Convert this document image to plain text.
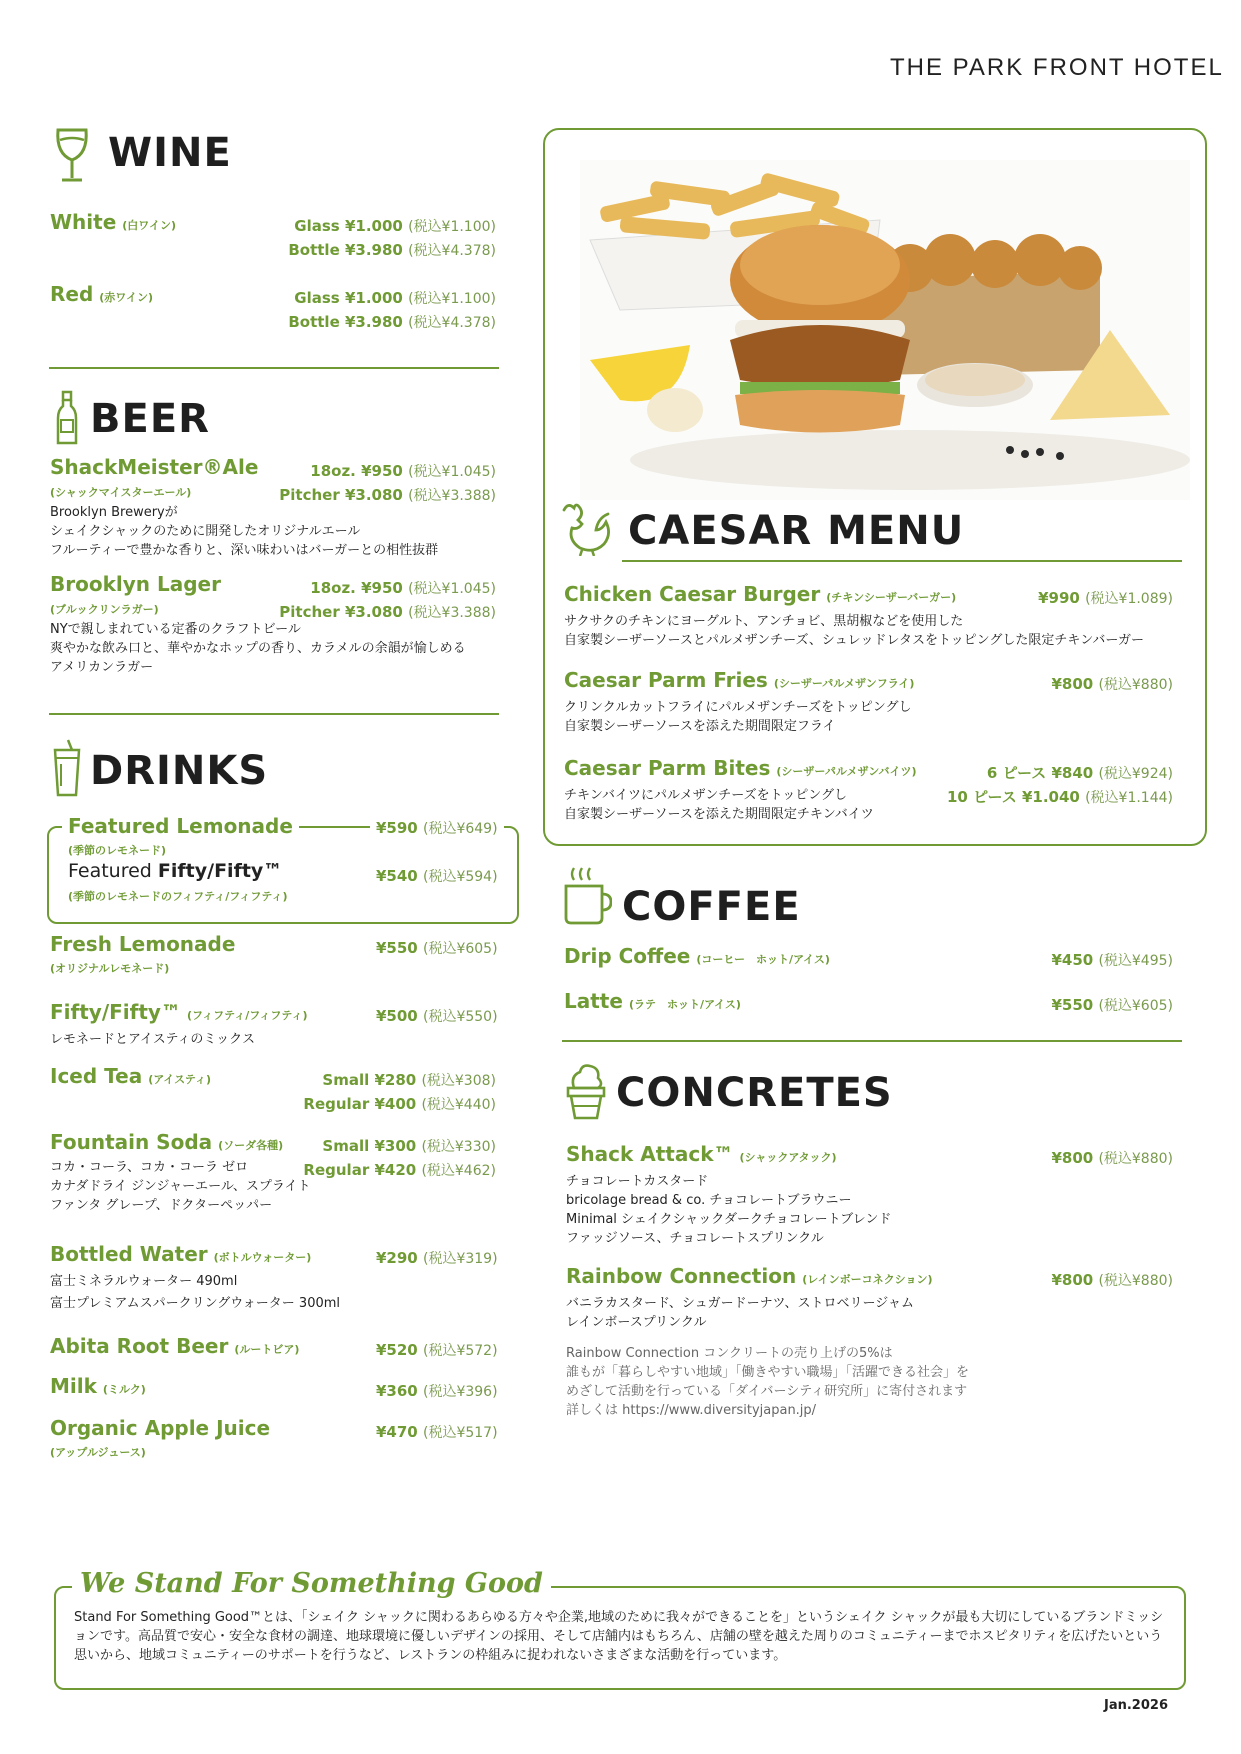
THE PARK FRONT HOTEL
WINE
White (白ワイン)	Glass ¥1.000 (税込¥1.100)
Bottle ¥3.980 (税込¥4.378)
Red (赤ワイン)	Glass ¥1.000 (税込¥1.100)
Bottle ¥3.980 (税込¥4.378)
BEER
ShackMeister®Ale
(シャックマイスターエール)
18oz. ¥950 (税込¥1.045)
Pitcher ¥3.080 (税込¥3.388)
Brooklyn Breweryが
シェイクシャックのために開発したオリジナルエール
フルーティーで豊かな香りと、深い味わいはバーガーとの相性抜群
Brooklyn Lager
(ブルックリンラガー)
18oz. ¥950 (税込¥1.045)
Pitcher ¥3.080 (税込¥3.388)
NYで親しまれている定番のクラフトビール
爽やかな飲み口と、華やかなホップの香り、カラメルの余韻が愉しめる
アメリカンラガー
DRINKS
Featured Lemonade	¥590 (税込¥649)
(季節のレモネード)
Featured Fifty/Fifty™	¥540 (税込¥594)
(季節のレモネードのフィフティ/フィフティ)
Fresh Lemonade
(オリジナルレモネード)
¥550 (税込¥605)
Fifty/Fifty™ (フィフティ/フィフティ)	¥500 (税込¥550)
レモネードとアイスティのミックス
Iced Tea (アイスティ)	Small ¥280 (税込¥308)
Regular ¥400 (税込¥440)
Fountain Soda (ソーダ各種)	Small ¥300 (税込¥330)
Regular ¥420 (税込¥462)
コカ・コーラ、コカ・コーラ ゼロ
カナダドライ ジンジャーエール、スプライト
ファンタ グレープ、ドクターペッパー
Bottled Water (ボトルウォーター)	¥290 (税込¥319)
富士ミネラルウォーター 490ml
富士プレミアムスパークリングウォーター 300ml
Abita Root Beer (ルートビア)	¥520 (税込¥572)
Milk (ミルク)	¥360 (税込¥396)
Organic Apple Juice
(アップルジュース)
¥470 (税込¥517)
CAESAR MENU
Chicken Caesar Burger (チキンシーザーバーガー)	¥990 (税込¥1.089)
サクサクのチキンにヨーグルト、アンチョビ、黒胡椒などを使用した
自家製シーザーソースとパルメザンチーズ、シュレッドレタスをトッピングした限定チキンバーガー
Caesar Parm Fries (シーザーパルメザンフライ)	¥800 (税込¥880)
クリンクルカットフライにパルメザンチーズをトッピングし
自家製シーザーソースを添えた期間限定フライ
Caesar Parm Bites (シーザーパルメザンバイツ)	6 ピース ¥840 (税込¥924)
10 ピース ¥1.040 (税込¥1.144)
チキンバイツにパルメザンチーズをトッピングし
自家製シーザーソースを添えた期間限定チキンバイツ
COFFEE
Drip Coffee (コーヒー　ホット/アイス)	¥450 (税込¥495)
Latte (ラテ　ホット/アイス)	¥550 (税込¥605)
CONCRETES
Shack Attack™ (シャックアタック)	¥800 (税込¥880)
チョコレートカスタード
bricolage bread & co. チョコレートブラウニー
Minimal シェイクシャックダークチョコレートブレンド
ファッジソース、チョコレートスプリンクル
Rainbow Connection (レインボーコネクション)	¥800 (税込¥880)
バニラカスタード、シュガードーナツ、ストロベリージャム
レインボースプリンクル
Rainbow Connection コンクリートの売り上げの5%は
誰もが「暮らしやすい地域」「働きやすい職場」「活躍できる社会」を
めざして活動を行っている「ダイバーシティ研究所」に寄付されます
詳しくは https://www.diversityjapan.jp/
We Stand For Something Good
Stand For Something Good™とは、「シェイク シャックに関わるあらゆる方々や企業,地域のために我々ができることを」というシェイク シャックが最も大切にしているブランドミッションです。高品質で安心・安全な食材の調達、地球環境に優しいデザインの採用、そして店舗内はもちろん、店舗の壁を越えた周りのコミュニティーまでホスピタリティを広げたいという思いから、地域コミュニティーのサポートを行うなど、レストランの枠組みに捉われないさまざまな活動を行っています。
Jan.2026
